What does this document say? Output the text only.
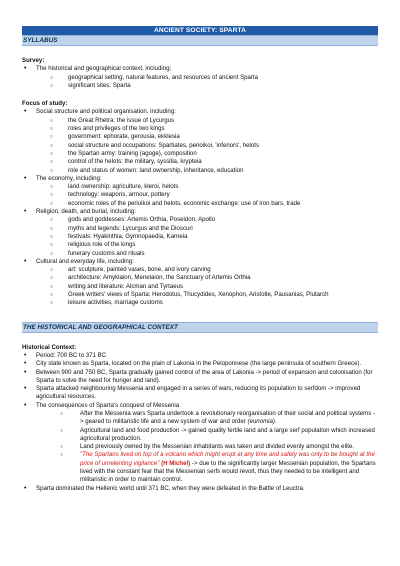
ANCIENT SOCIETY: SPARTA
SYLLABUS
Survey:
• The historical and geographical context, including;
○ geographical setting, natural features, and resources of ancient Sparta
○ significant sites: Sparta
Focus of study:
• Social structure and political organisation, including:
○ the Great Rhetra: the issue of Lycurgus
○ roles and privileges of the two kings
○ government: ephorate, gerousia, ekklesia
○ social structure and occupations: Spartiates, perioikoi, 'inferiors', helots
○ the Spartan army: training (agoge), composition
○ control of the helots: the military, syssitia, krypteia
○ role and status of women: land ownership, inheritance, education
• The economy, including:
○ land ownership: agriculture, kleroi, helots
○ technology: weapons, armour, pottery
○ economic roles of the perioikoi and helots, economic exchange: use of iron bars, trade
• Religion, death, and burial, including:
○ gods and goddesses: Artemis Orthia, Poseidon, Apollo
○ myths and legends: Lycurgus and the Dioscuri
○ festivals: Hyakinthia, Gymnopaedia, Karneia
○ religious role of the kings
○ funerary customs and rituals
• Cultural and everyday life, including:
○ art: sculpture, painted vases, bone, and ivory carving
○ architecture: Amyklaion, Menelaion, the Sanctuary of Artemis Orthia
○ writing and literature: Alcman and Tyrtaeus
○ Greek writers' views of Sparta: Herodotus, Thucydides, Xenophon, Aristotle, Pausanias, Plutarch
○ leisure activities, marriage customs
THE HISTORICAL AND GEOGRAPHICAL CONTEXT
Historical Context:
• Period: 700 BC to 371 BC
• City state known as Sparta, located on the plain of Lakonia in the Peloponnese (the large peninsula of southern Greece).
• Between 900 and 750 BC, Sparta gradually gained control of the area of Lakonia -> period of expansion and colonisation (for Sparta to solve the need for hunger and land).
• Sparta attacked neighbouring Messenia and engaged in a series of wars, reducing its population to serfdom -> improved agricultural resources.
• The consequences of Sparta's conquest of Messenia
○ After the Messenia wars Sparta undertook a revolutionary reorganisation of their social and political systems -> geared to militaristic life and a new system of war and order (eunomia).
○ Agricultural land and food production -> gained quality fertile land and a large serf population which increased agricultural production.
○ Land previously owned by the Messenian inhabitants was taken and divided evenly amongst the elite.
○ "The Spartans lived on top of a volcano which might erupt at any time and safety was only to be bought at the price of unrelenting vigilance" (H Michel) -> due to the significantly larger Messenian population, the Spartans lived with the constant fear that the Messenian serfs would revolt, thus they needed to be intelligent and militaristic in order to maintain control.
• Sparta dominated the Hellenic world until 371 BC, when they were defeated in the Battle of Leuctra.
